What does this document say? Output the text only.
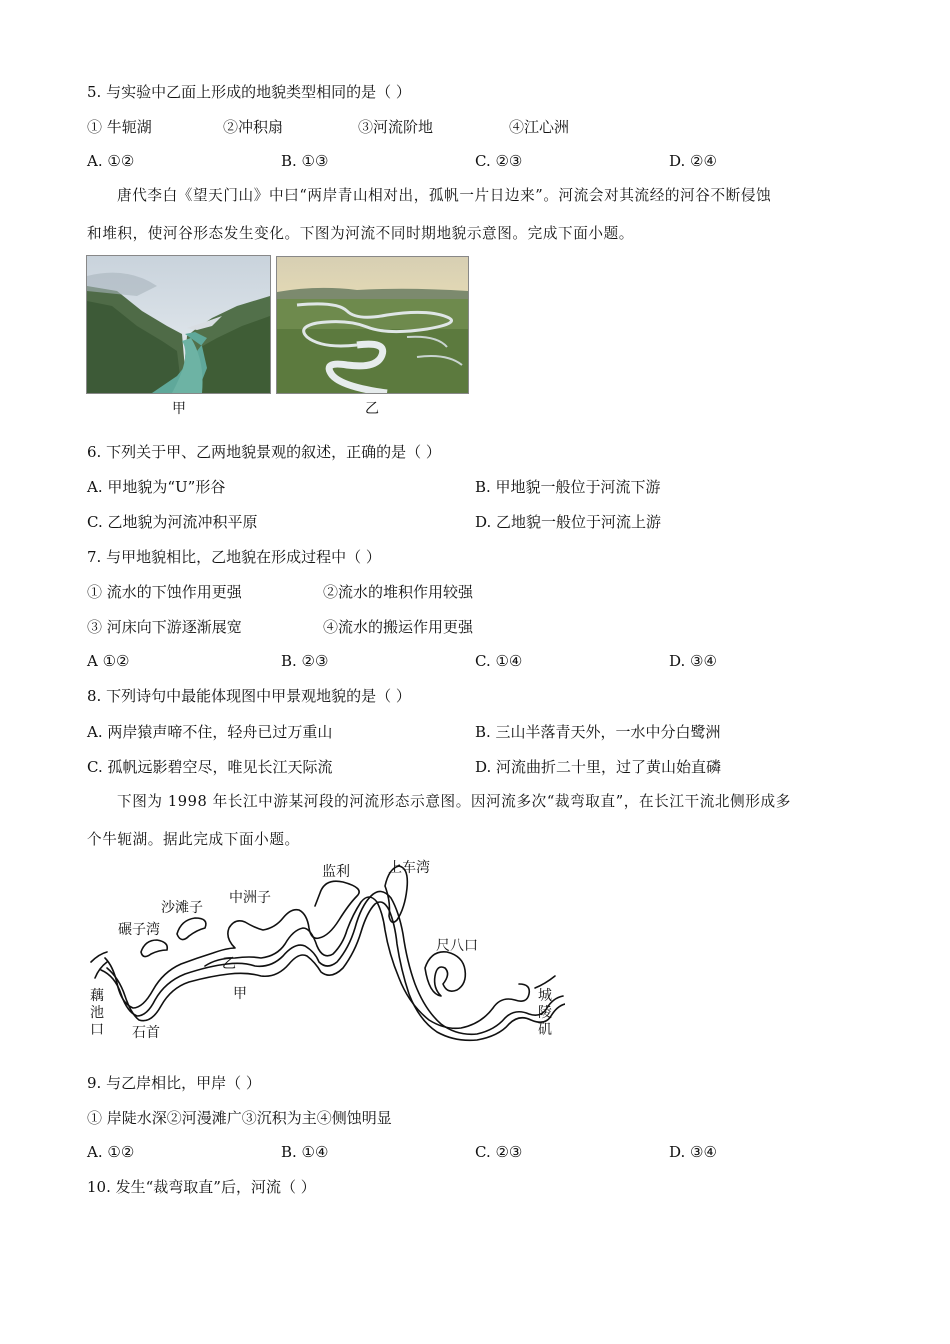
5. 与实验中乙面上形成的地貌类型相同的是（ ）
① 牛轭湖	②冲积扇	③河流阶地	④江心洲
A. ①②	B. ①③	C. ②③	D. ②④
唐代李白《望天门山》中曰“两岸青山相对出，孤帆一片日边来”。河流会对其流经的河谷不断侵蚀
和堆积，使河谷形态发生变化。下图为河流不同时期地貌示意图。完成下面小题。
甲	乙
6. 下列关于甲、乙两地貌景观的叙述，正确的是（ ）
A. 甲地貌为“U”形谷	B. 甲地貌一般位于河流下游
C. 乙地貌为河流冲积平原	D. 乙地貌一般位于河流上游
7. 与甲地貌相比，乙地貌在形成过程中（ ）
① 流水的下蚀作用更强	②流水的堆积作用较强
③ 河床向下游逐渐展宽	④流水的搬运作用更强
A ①②	B. ②③	C. ①④	D. ③④
8. 下列诗句中最能体现图中甲景观地貌的是（ ）
A. 两岸猿声啼不住，轻舟已过万重山	B. 三山半落青天外，一水中分白鹭洲
C. 孤帆远影碧空尽，唯见长江天际流	D. 河流曲折二十里，过了黄山始直磷
下图为 1998 年长江中游某河段的河流形态示意图。因河流多次“裁弯取直”，在长江干流北侧形成多
个牛轭湖。据此完成下面小题。
监利	上车湾
中洲子
沙滩子
碾子湾
尺八口
乙
甲
藕池口 石首
城陵矶
9. 与乙岸相比，甲岸（ ）
① 岸陡水深②河漫滩广③沉积为主④侧蚀明显
A. ①②	B. ①④	C. ②③	D. ③④
10. 发生“裁弯取直”后，河流（ ）
